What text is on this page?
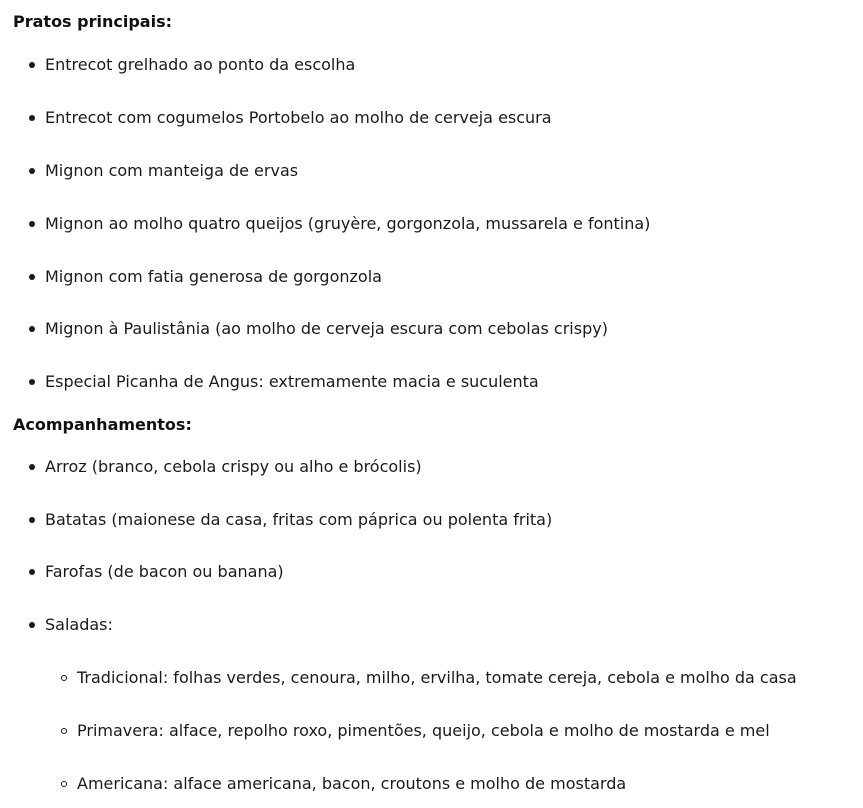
Pratos principais:
Entrecot grelhado ao ponto da escolha
Entrecot com cogumelos Portobelo ao molho de cerveja escura
Mignon com manteiga de ervas
Mignon ao molho quatro queijos (gruyère, gorgonzola, mussarela e fontina)
Mignon com fatia generosa de gorgonzola
Mignon à Paulistânia (ao molho de cerveja escura com cebolas crispy)
Especial Picanha de Angus: extremamente macia e suculenta
Acompanhamentos:
Arroz (branco, cebola crispy ou alho e brócolis)
Batatas (maionese da casa, fritas com páprica ou polenta frita)
Farofas (de bacon ou banana)
Saladas:
Tradicional: folhas verdes, cenoura, milho, ervilha, tomate cereja, cebola e molho da casa
Primavera: alface, repolho roxo, pimentões, queijo, cebola e molho de mostarda e mel
Americana: alface americana, bacon, croutons e molho de mostarda
